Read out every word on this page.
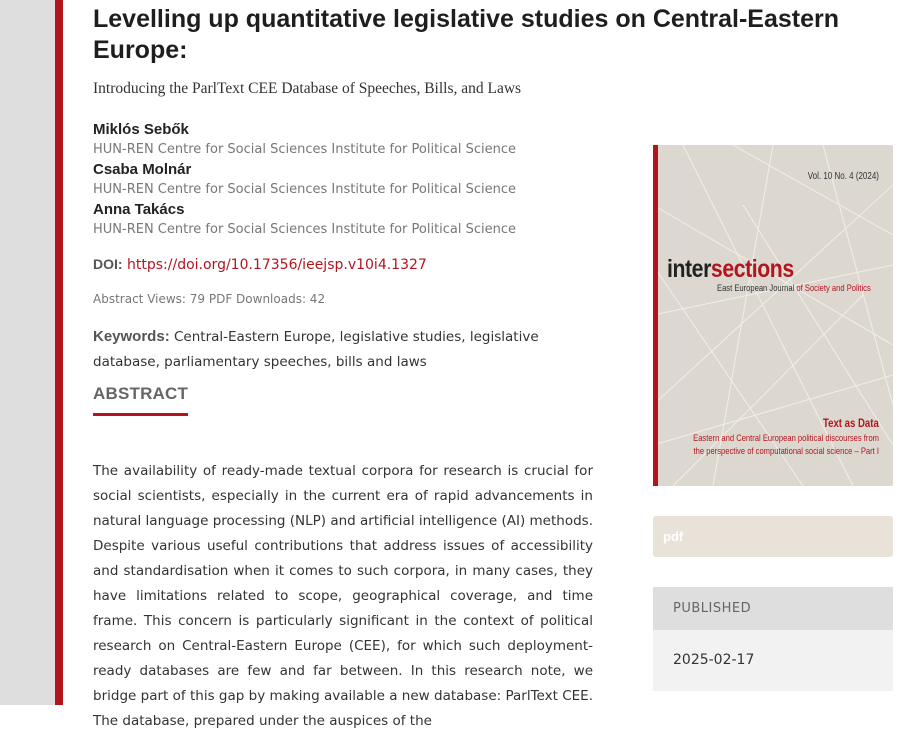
Levelling up quantitative legislative studies on Central-Eastern Europe:
Introducing the ParlText CEE Database of Speeches, Bills, and Laws
Miklós Sebők
HUN-REN Centre for Social Sciences Institute for Political Science
Csaba Molnár
HUN-REN Centre for Social Sciences Institute for Political Science
Anna Takács
HUN-REN Centre for Social Sciences Institute for Political Science
DOI: https://doi.org/10.17356/ieejsp.v10i4.1327
Abstract Views: 79 PDF Downloads: 42
Keywords: Central-Eastern Europe, legislative studies, legislative database, parliamentary speeches, bills and laws
ABSTRACT
The availability of ready-made textual corpora for research is crucial for social scientists, especially in the current era of rapid advancements in natural language processing (NLP) and artificial intelligence (AI) methods. Despite various useful contributions that address issues of accessibility and standardisation when it comes to such corpora, in many cases, they have limitations related to scope, geographical coverage, and time frame. This concern is particularly significant in the context of political research on Central-Eastern Europe (CEE), for which such deployment-ready databases are few and far between. In this research note, we bridge part of this gap by making available a new database: ParlText CEE. The database, prepared under the auspices of the
Vol. 10 No. 4 (2024)
intersections
East European Journal of Society and Politics
Text as Data
Eastern and Central European political discourses from
the perspective of computational social science – Part I
pdf
PUBLISHED
2025-02-17
